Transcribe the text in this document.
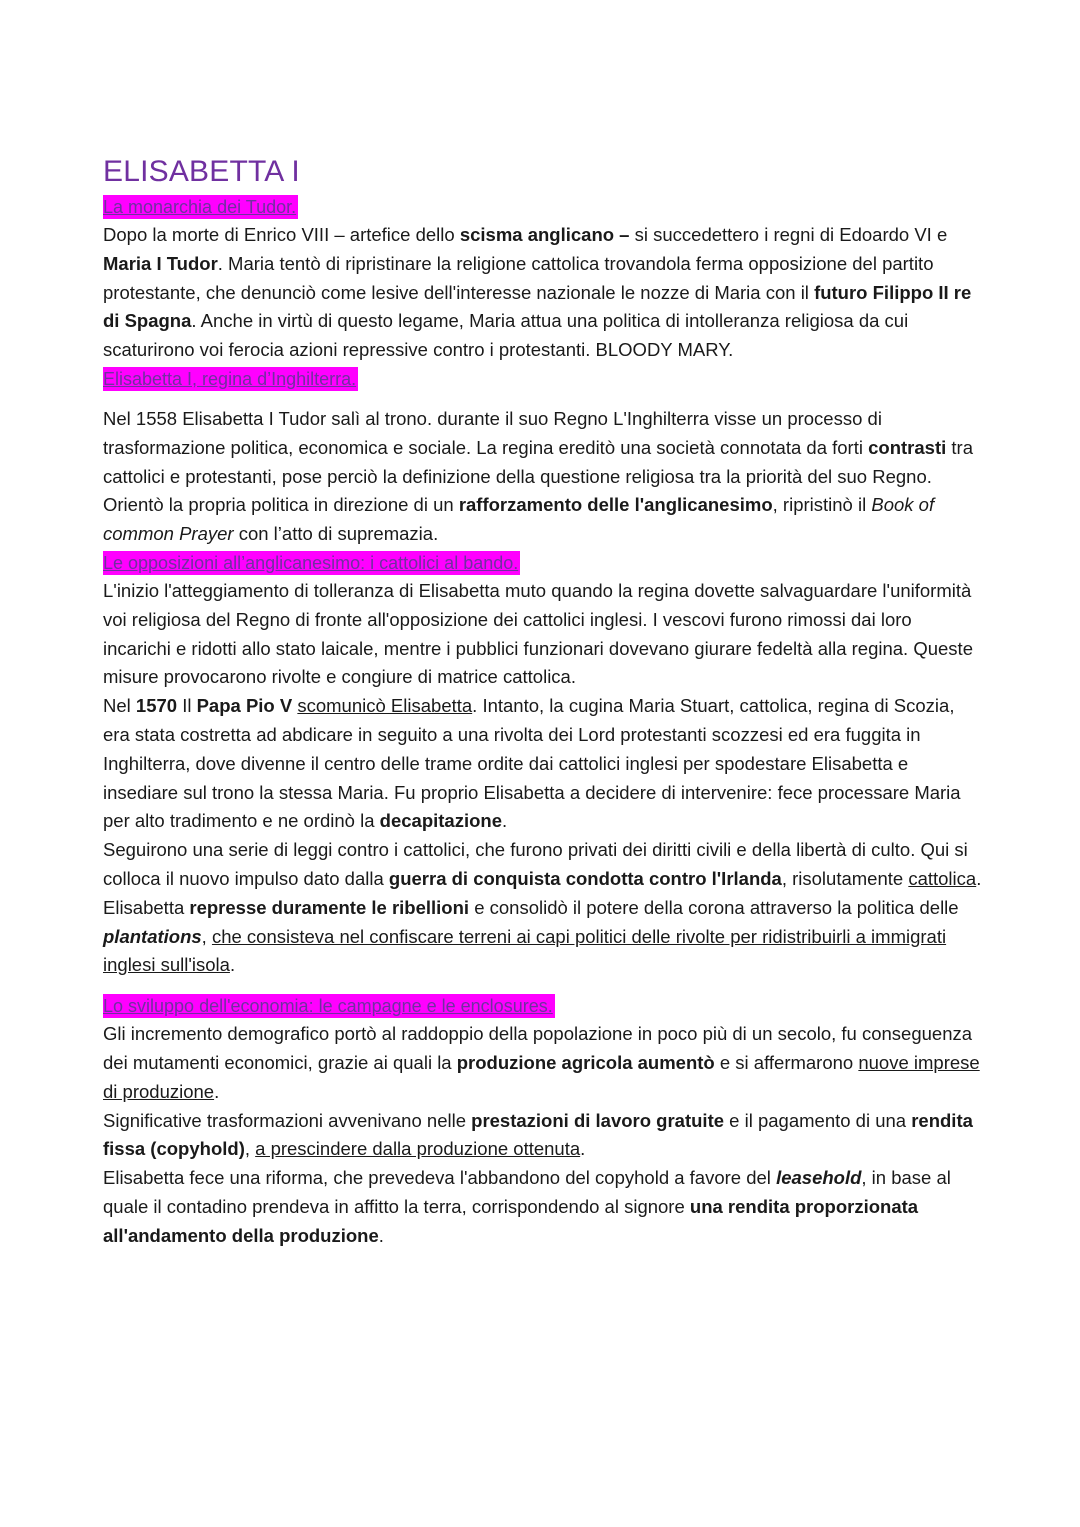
ELISABETTA I
La monarchia dei Tudor.

Dopo la morte di Enrico VIII – artefice dello scisma anglicano – si succedettero i regni di Edoardo VI e Maria I Tudor. Maria tentò di ripristinare la religione cattolica trovandola ferma opposizione del partito protestante, che denunciò come lesive dell'interesse nazionale le nozze di Maria con il futuro Filippo II re di Spagna. Anche in virtù di questo legame, Maria attua una politica di intolleranza religiosa da cui scaturirono voi ferocia azioni repressive contro i protestanti. BLOODY MARY.

Elisabetta I, regina d’Inghilterra.

Nel 1558 Elisabetta I Tudor salì al trono. durante il suo Regno L'Inghilterra visse un processo di trasformazione politica, economica e sociale. La regina ereditò una società connotata da forti contrasti tra cattolici e protestanti, pose perciò la definizione della questione religiosa tra la priorità del suo Regno. Orientò la propria politica in direzione di un rafforzamento delle l'anglicanesimo, ripristinò il Book of common Prayer con l’atto di supremazia.

Le opposizioni all’anglicanesimo: i cattolici al bando.

L'inizio l'atteggiamento di tolleranza di Elisabetta muto quando la regina dovette salvaguardare l'uniformità voi religiosa del Regno di fronte all'opposizione dei cattolici inglesi. I vescovi furono rimossi dai loro incarichi e ridotti allo stato laicale, mentre i pubblici funzionari dovevano giurare fedeltà alla regina. Queste misure provocarono rivolte e congiure di matrice cattolica.

Nel 1570 Il Papa Pio V scomunicò Elisabetta. Intanto, la cugina Maria Stuart, cattolica, regina di Scozia, era stata costretta ad abdicare in seguito a una rivolta dei Lord protestanti scozzesi ed era fuggita in Inghilterra, dove divenne il centro delle trame ordite dai cattolici inglesi per spodestare Elisabetta e insediare sul trono la stessa Maria. Fu proprio Elisabetta a decidere di intervenire: fece processare Maria per alto tradimento e ne ordinò la decapitazione.

Seguirono una serie di leggi contro i cattolici, che furono privati dei diritti civili e della libertà di culto. Qui si colloca il nuovo impulso dato dalla guerra di conquista condotta contro l'Irlanda, risolutamente cattolica. Elisabetta represse duramente le ribellioni e consolidò il potere della corona attraverso la politica delle plantations, che consisteva nel confiscare terreni ai capi politici delle rivolte per ridistribuirli a immigrati inglesi sull'isola.

Lo sviluppo dell'economia: le campagne e le enclosures.

Gli incremento demografico portò al raddoppio della popolazione in poco più di un secolo, fu conseguenza dei mutamenti economici, grazie ai quali la produzione agricola aumentò e si affermarono nuove imprese di produzione.

Significative trasformazioni avvenivano nelle prestazioni di lavoro gratuite e il pagamento di una rendita fissa (copyhold), a prescindere dalla produzione ottenuta.

Elisabetta fece una riforma, che prevedeva l'abbandono del copyhold a favore del leasehold, in base al quale il contadino prendeva in affitto la terra, corrispondendo al signore una rendita proporzionata all'andamento della produzione.
